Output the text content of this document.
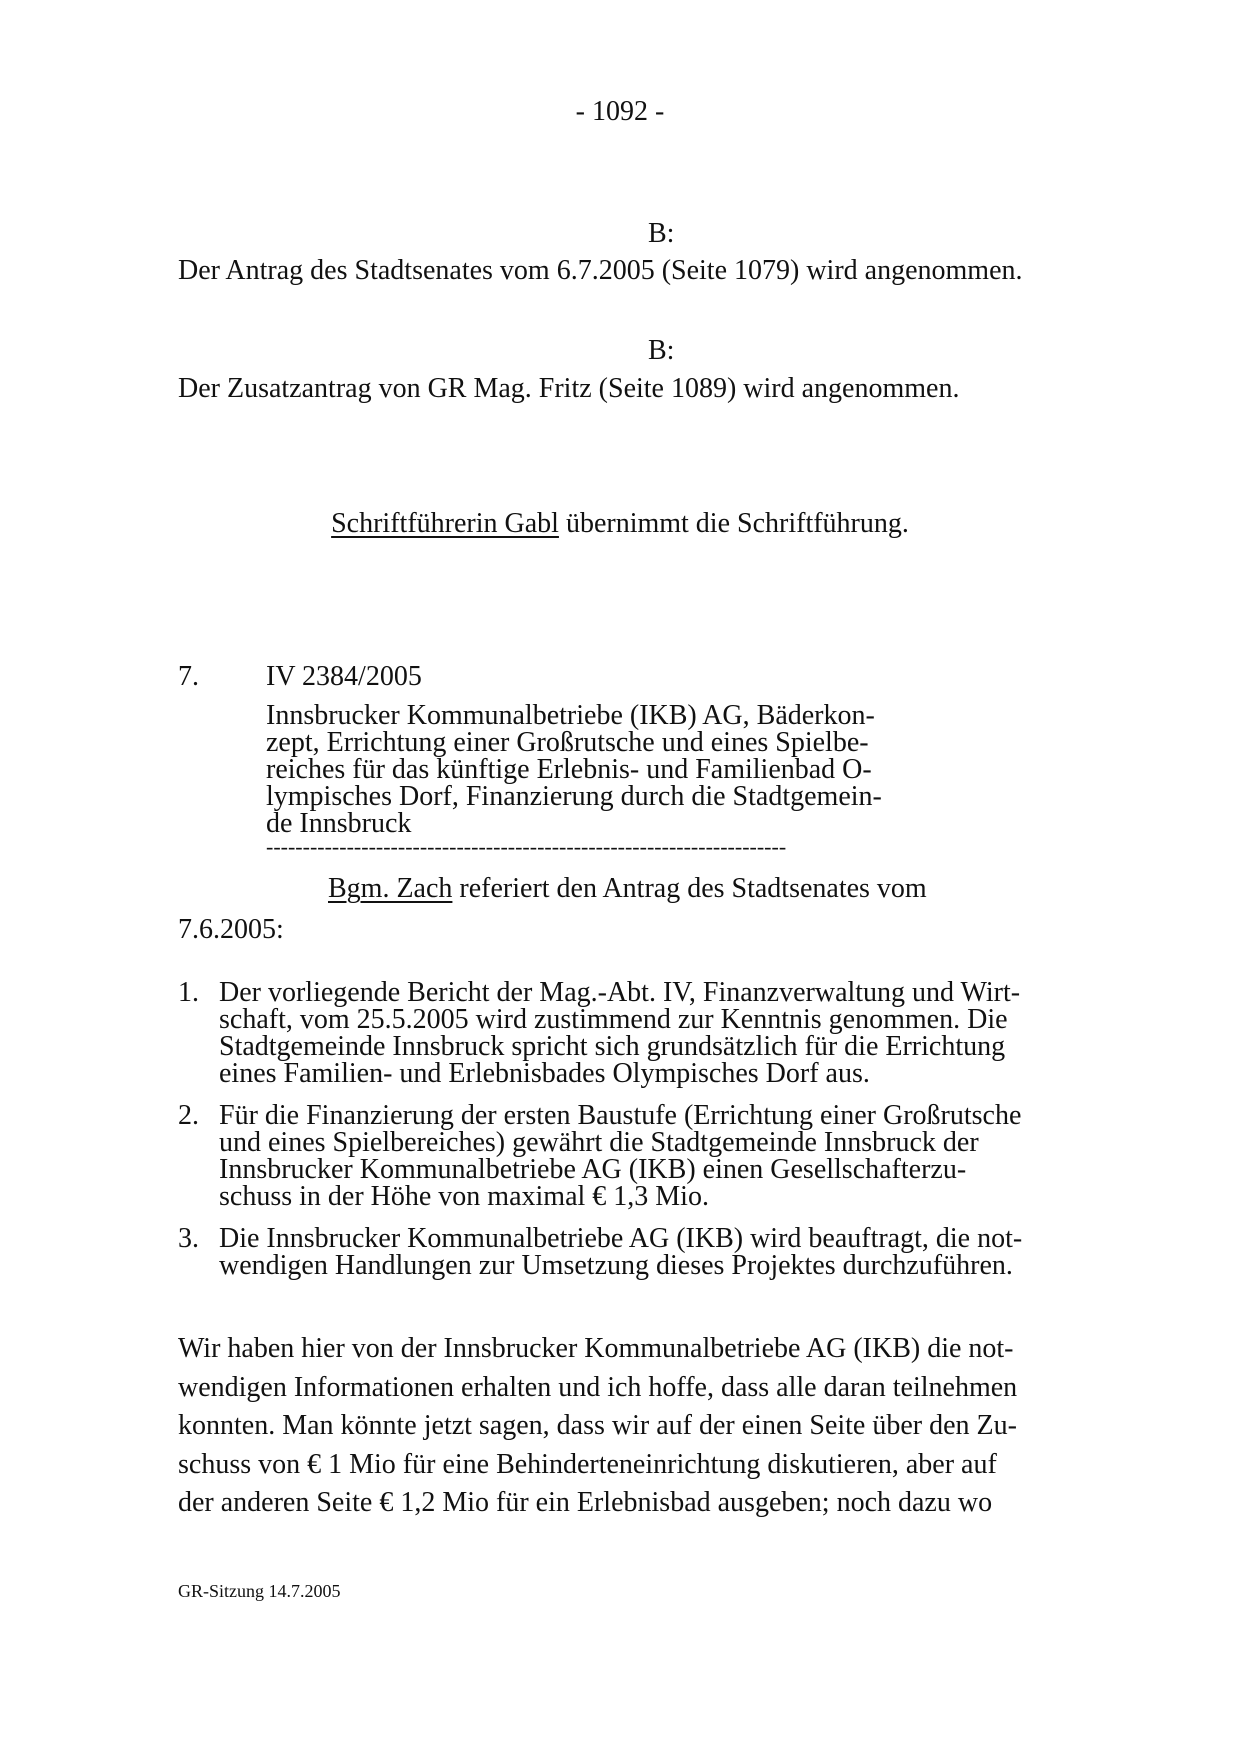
- 1092 -
B:
Der Antrag des Stadtsenates vom 6.7.2005 (Seite 1079) wird angenommen.
B:
Der Zusatzantrag von GR Mag. Fritz (Seite 1089) wird angenommen.
Schriftführerin Gabl übernimmt die Schriftführung.
7. IV 2384/2005
Innsbrucker Kommunalbetriebe (IKB) AG, Bäderkon-
zept, Errichtung einer Großrutsche und eines Spielbe-
reiches für das künftige Erlebnis- und Familienbad O-
lympisches Dorf, Finanzierung durch die Stadtgemein-
de Innsbruck
-----------------------------------------------------------------------
Bgm. Zach referiert den Antrag des Stadtsenates vom
7.6.2005:
1. Der vorliegende Bericht der Mag.-Abt. IV, Finanzverwaltung und Wirt-
schaft, vom 25.5.2005 wird zustimmend zur Kenntnis genommen. Die
Stadtgemeinde Innsbruck spricht sich grundsätzlich für die Errichtung
eines Familien- und Erlebnisbades Olympisches Dorf aus.
2. Für die Finanzierung der ersten Baustufe (Errichtung einer Großrutsche
und eines Spielbereiches) gewährt die Stadtgemeinde Innsbruck der
Innsbrucker Kommunalbetriebe AG (IKB) einen Gesellschafterzu-
schuss in der Höhe von maximal € 1,3 Mio.
3. Die Innsbrucker Kommunalbetriebe AG (IKB) wird beauftragt, die not-
wendigen Handlungen zur Umsetzung dieses Projektes durchzuführen.
Wir haben hier von der Innsbrucker Kommunalbetriebe AG (IKB) die not-
wendigen Informationen erhalten und ich hoffe, dass alle daran teilnehmen
konnten. Man könnte jetzt sagen, dass wir auf der einen Seite über den Zu-
schuss von € 1 Mio für eine Behinderteneinrichtung diskutieren, aber auf
der anderen Seite € 1,2 Mio für ein Erlebnisbad ausgeben; noch dazu wo
GR-Sitzung 14.7.2005
